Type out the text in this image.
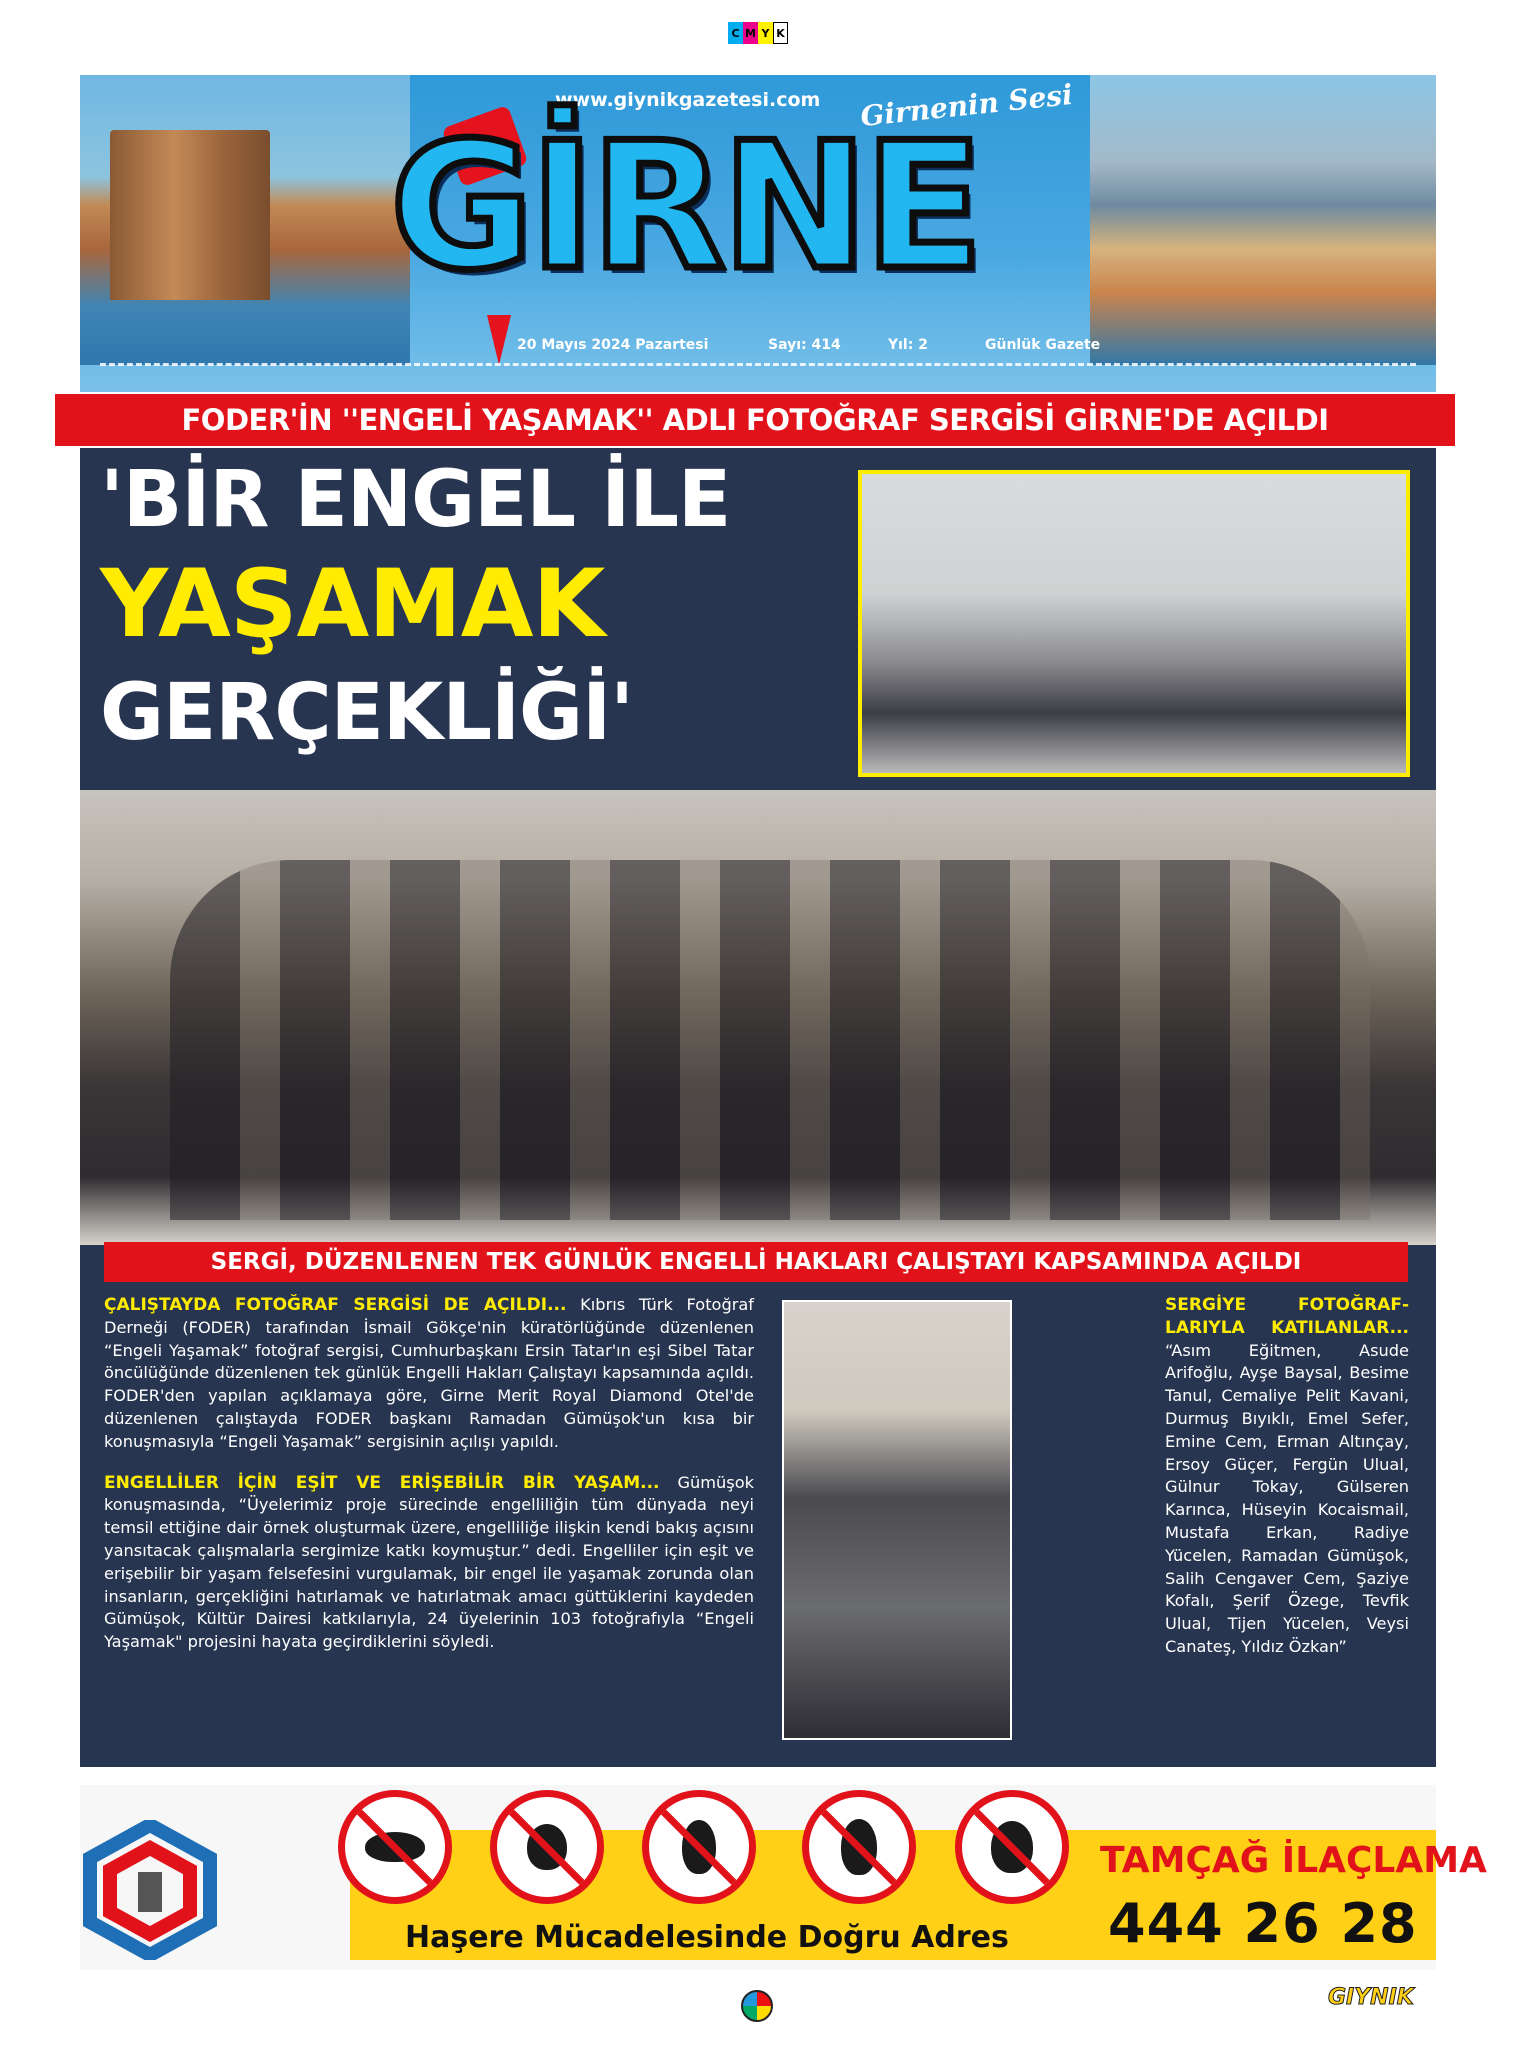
C M Y K
www.giynikgazetesi.com Girnenin Sesi
GİRNE
20 Mayıs 2024 Pazartesi	Sayı: 414	Yıl: 2	Günlük Gazete
FODER'İN ''ENGELİ YAŞAMAK'' ADLI FOTOĞRAF SERGİSİ GİRNE'DE AÇILDI
'BİR ENGEL İLE
YAŞAMAK
GERÇEKLİĞİ'
SERGİ, DÜZENLENEN TEK GÜNLÜK ENGELLİ HAKLARI ÇALIŞTAYI KAPSAMINDA AÇILDI

ÇALIŞTAYDA FOTOĞRAF SERGİSİ DE AÇILDI... Kıbrıs Türk Fotoğraf Derneği (FODER) tarafından İsmail Gökçe'nin küratörlüğünde düzenlenen “Engeli Yaşamak” fotoğraf sergisi, Cumhurbaşkanı Ersin Tatar'ın eşi Sibel Tatar öncülüğünde düzenlenen tek günlük Engelli Hakları Çalıştayı kapsamında açıldı. FODER'den yapılan açıklamaya göre, Girne Merit Royal Diamond Otel'de düzenlenen çalıştayda FODER başkanı Ramadan Gümüşok'un kısa bir konuşmasıyla “Engeli Yaşamak” sergisinin açılışı yapıldı.

ENGELLİLER İÇİN EŞİT VE ERİŞEBİLİR BİR YAŞAM... Gümüşok konuşmasında, “Üyelerimiz proje sürecinde engelliliğin tüm dünyada neyi temsil ettiğine dair örnek oluşturmak üzere, engelliliğe ilişkin kendi bakış açısını yansıtacak çalışmalarla sergimize katkı koymuştur.” dedi. Engelliler için eşit ve erişebilir bir yaşam felsefesini vurgulamak, bir engel ile yaşamak zorunda olan insanların, gerçekliğini hatırlamak ve hatırlatmak amacı güttüklerini kaydeden Gümüşok, Kültür Dairesi katkılarıyla, 24 üyelerinin 103 fotoğrafıyla “Engeli Yaşamak" projesini hayata geçirdiklerini söyledi.

SERGİYE FOTOĞRAFLARIYLA KATILANLAR... “Asım Eğitmen, Asude Arifoğlu, Ayşe Baysal, Besime Tanul, Cemaliye Pelit Kavani, Durmuş Bıyıklı, Emel Sefer, Emine Cem, Erman Altınçay, Ersoy Güçer, Fergün Ulual, Gülnur Tokay, Gülseren Karınca, Hüseyin Kocaismail, Mustafa Erkan, Radiye Yücelen, Ramadan Gümüşok, Salih Cengaver Cem, Şaziye Kofalı, Şerif Özege, Tevfik Ulual, Tijen Yücelen, Veysi Canateş, Yıldız Özkan”

TAMÇAĞ İLAÇLAMA
444 26 28
Haşere Mücadelesinde Doğru Adres
GIYNIK
